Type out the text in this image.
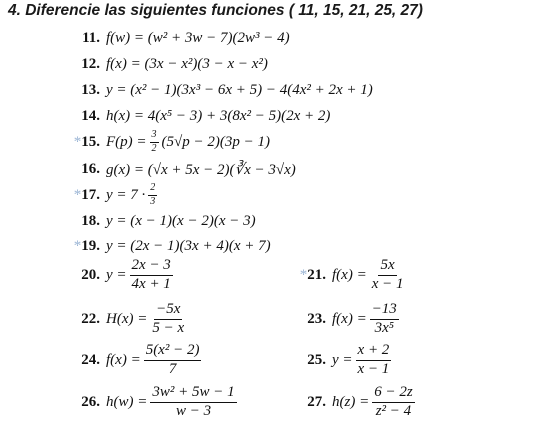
4. Diferencie las siguientes funciones ( 11, 15, 21, 25, 27)
11. f(w) = (w² + 3w − 7)(2w³ − 4)
12. f(x) = (3x − x²)(3 − x − x²)
13. y = (x² − 1)(3x³ − 6x + 5) − 4(4x² + 2x + 1)
14. h(x) = 4(x⁵ − 3) + 3(8x² − 5)(2x + 2)
*15. $F(p) = \frac{3}{2} (5√p - 2)(3p - 1)$
16. g(x) = (√x + 5x − 2)(∛x − 3√x)
*17. $y = 7 \cdot \frac{2}{3}$
18. y = (x − 1)(x − 2)(x − 3)
*19. y = (2x − 1)(3x + 4)(x + 7)
20. $y = \frac{2x - 3}{4x + 1}$
22. $H(x) = \frac{-5x}{5 - x}$
24. $f(x) = \frac{\text{5(x² − 2)}}{7}$
26. $h(w) = \frac{\text{3w² + 5w − 1}}{w - 3}$
*21. $f(x) = \frac{5x}{x - 1}$
23. $f(x) = \frac{-13}{\text{3x⁵}}$
25. $y = \frac{x + 2}{x - 1}$
27. $h(z) = \frac{6 - 2z}{\text{z² − 4}}$
